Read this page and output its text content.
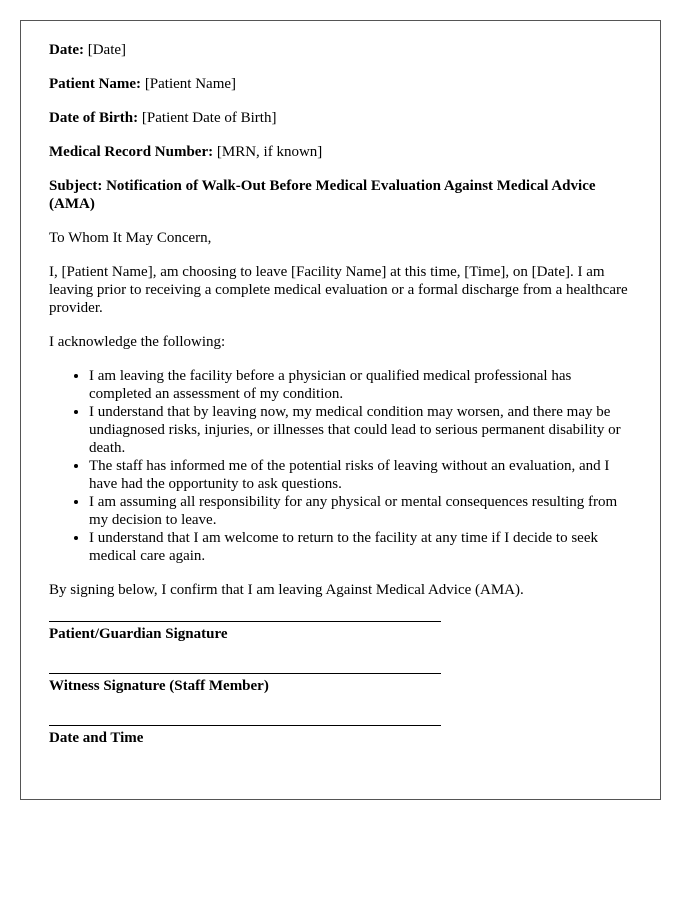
Date: [Date]

Patient Name: [Patient Name]

Date of Birth: [Patient Date of Birth]

Medical Record Number: [MRN, if known]

Subject: Notification of Walk-Out Before Medical Evaluation Against Medical Advice (AMA)

To Whom It May Concern,

I, [Patient Name], am choosing to leave [Facility Name] at this time, [Time], on [Date]. I am leaving prior to receiving a complete medical evaluation or a formal discharge from a healthcare provider.

I acknowledge the following:

• I am leaving the facility before a physician or qualified medical professional has completed an assessment of my condition.
• I understand that by leaving now, my medical condition may worsen, and there may be undiagnosed risks, injuries, or illnesses that could lead to serious permanent disability or death.
• The staff has informed me of the potential risks of leaving without an evaluation, and I have had the opportunity to ask questions.
• I am assuming all responsibility for any physical or mental consequences resulting from my decision to leave.
• I understand that I am welcome to return to the facility at any time if I decide to seek medical care again.

By signing below, I confirm that I am leaving Against Medical Advice (AMA).

Patient/Guardian Signature
Witness Signature (Staff Member)
Date and Time
